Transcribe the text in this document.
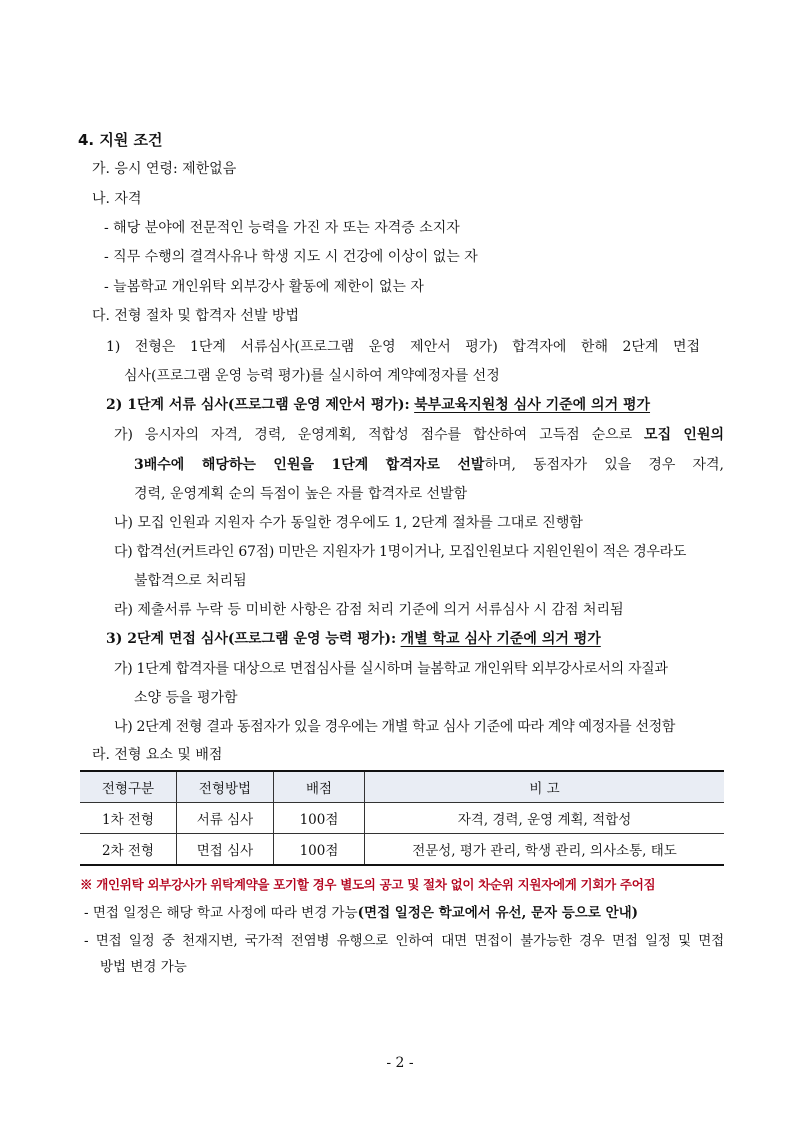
4. 지원 조건
가. 응시 연령: 제한없음
나. 자격
- 해당 분야에 전문적인 능력을 가진 자 또는 자격증 소지자
- 직무 수행의 결격사유나 학생 지도 시 건강에 이상이 없는 자
- 늘봄학교 개인위탁 외부강사 활동에 제한이 없는 자
다. 전형 절차 및 합격자 선발 방법
1) 전형은 1단계 서류심사(프로그램 운영 제안서 평가) 합격자에 한해 2단계 면접
심사(프로그램 운영 능력 평가)를 실시하여 계약예정자를 선정
2) 1단계 서류 심사(프로그램 운영 제안서 평가): 북부교육지원청 심사 기준에 의거 평가
가) 응시자의 자격, 경력, 운영계획, 적합성 점수를 합산하여 고득점 순으로 모집 인원의
3배수에 해당하는 인원을 1단계 합격자로 선발하며, 동점자가 있을 경우 자격,
경력, 운영계획 순의 득점이 높은 자를 합격자로 선발함
나) 모집 인원과 지원자 수가 동일한 경우에도 1, 2단계 절차를 그대로 진행함
다) 합격선(커트라인 67점) 미만은 지원자가 1명이거나, 모집인원보다 지원인원이 적은 경우라도
불합격으로 처리됨
라) 제출서류 누락 등 미비한 사항은 감점 처리 기준에 의거 서류심사 시 감점 처리됨
3) 2단계 면접 심사(프로그램 운영 능력 평가): 개별 학교 심사 기준에 의거 평가
가) 1단계 합격자를 대상으로 면접심사를 실시하며 늘봄학교 개인위탁 외부강사로서의 자질과
소양 등을 평가함
나) 2단계 전형 결과 동점자가 있을 경우에는 개별 학교 심사 기준에 따라 계약 예정자를 선정함
라. 전형 요소 및 배점
전형구분	전형방법	배점	비 고
1차 전형	서류 심사	100점	자격, 경력, 운영 계획, 적합성
2차 전형	면접 심사	100점	전문성, 평가 관리, 학생 관리, 의사소통, 태도
※ 개인위탁 외부강사가 위탁계약을 포기할 경우 별도의 공고 및 절차 없이 차순위 지원자에게 기회가 주어짐
- 면접 일정은 해당 학교 사정에 따라 변경 가능(면접 일정은 학교에서 유선, 문자 등으로 안내)
- 면접 일정 중 천재지변, 국가적 전염병 유행으로 인하여 대면 면접이 불가능한 경우 면접 일정 및 면접
방법 변경 가능
- 2 -
